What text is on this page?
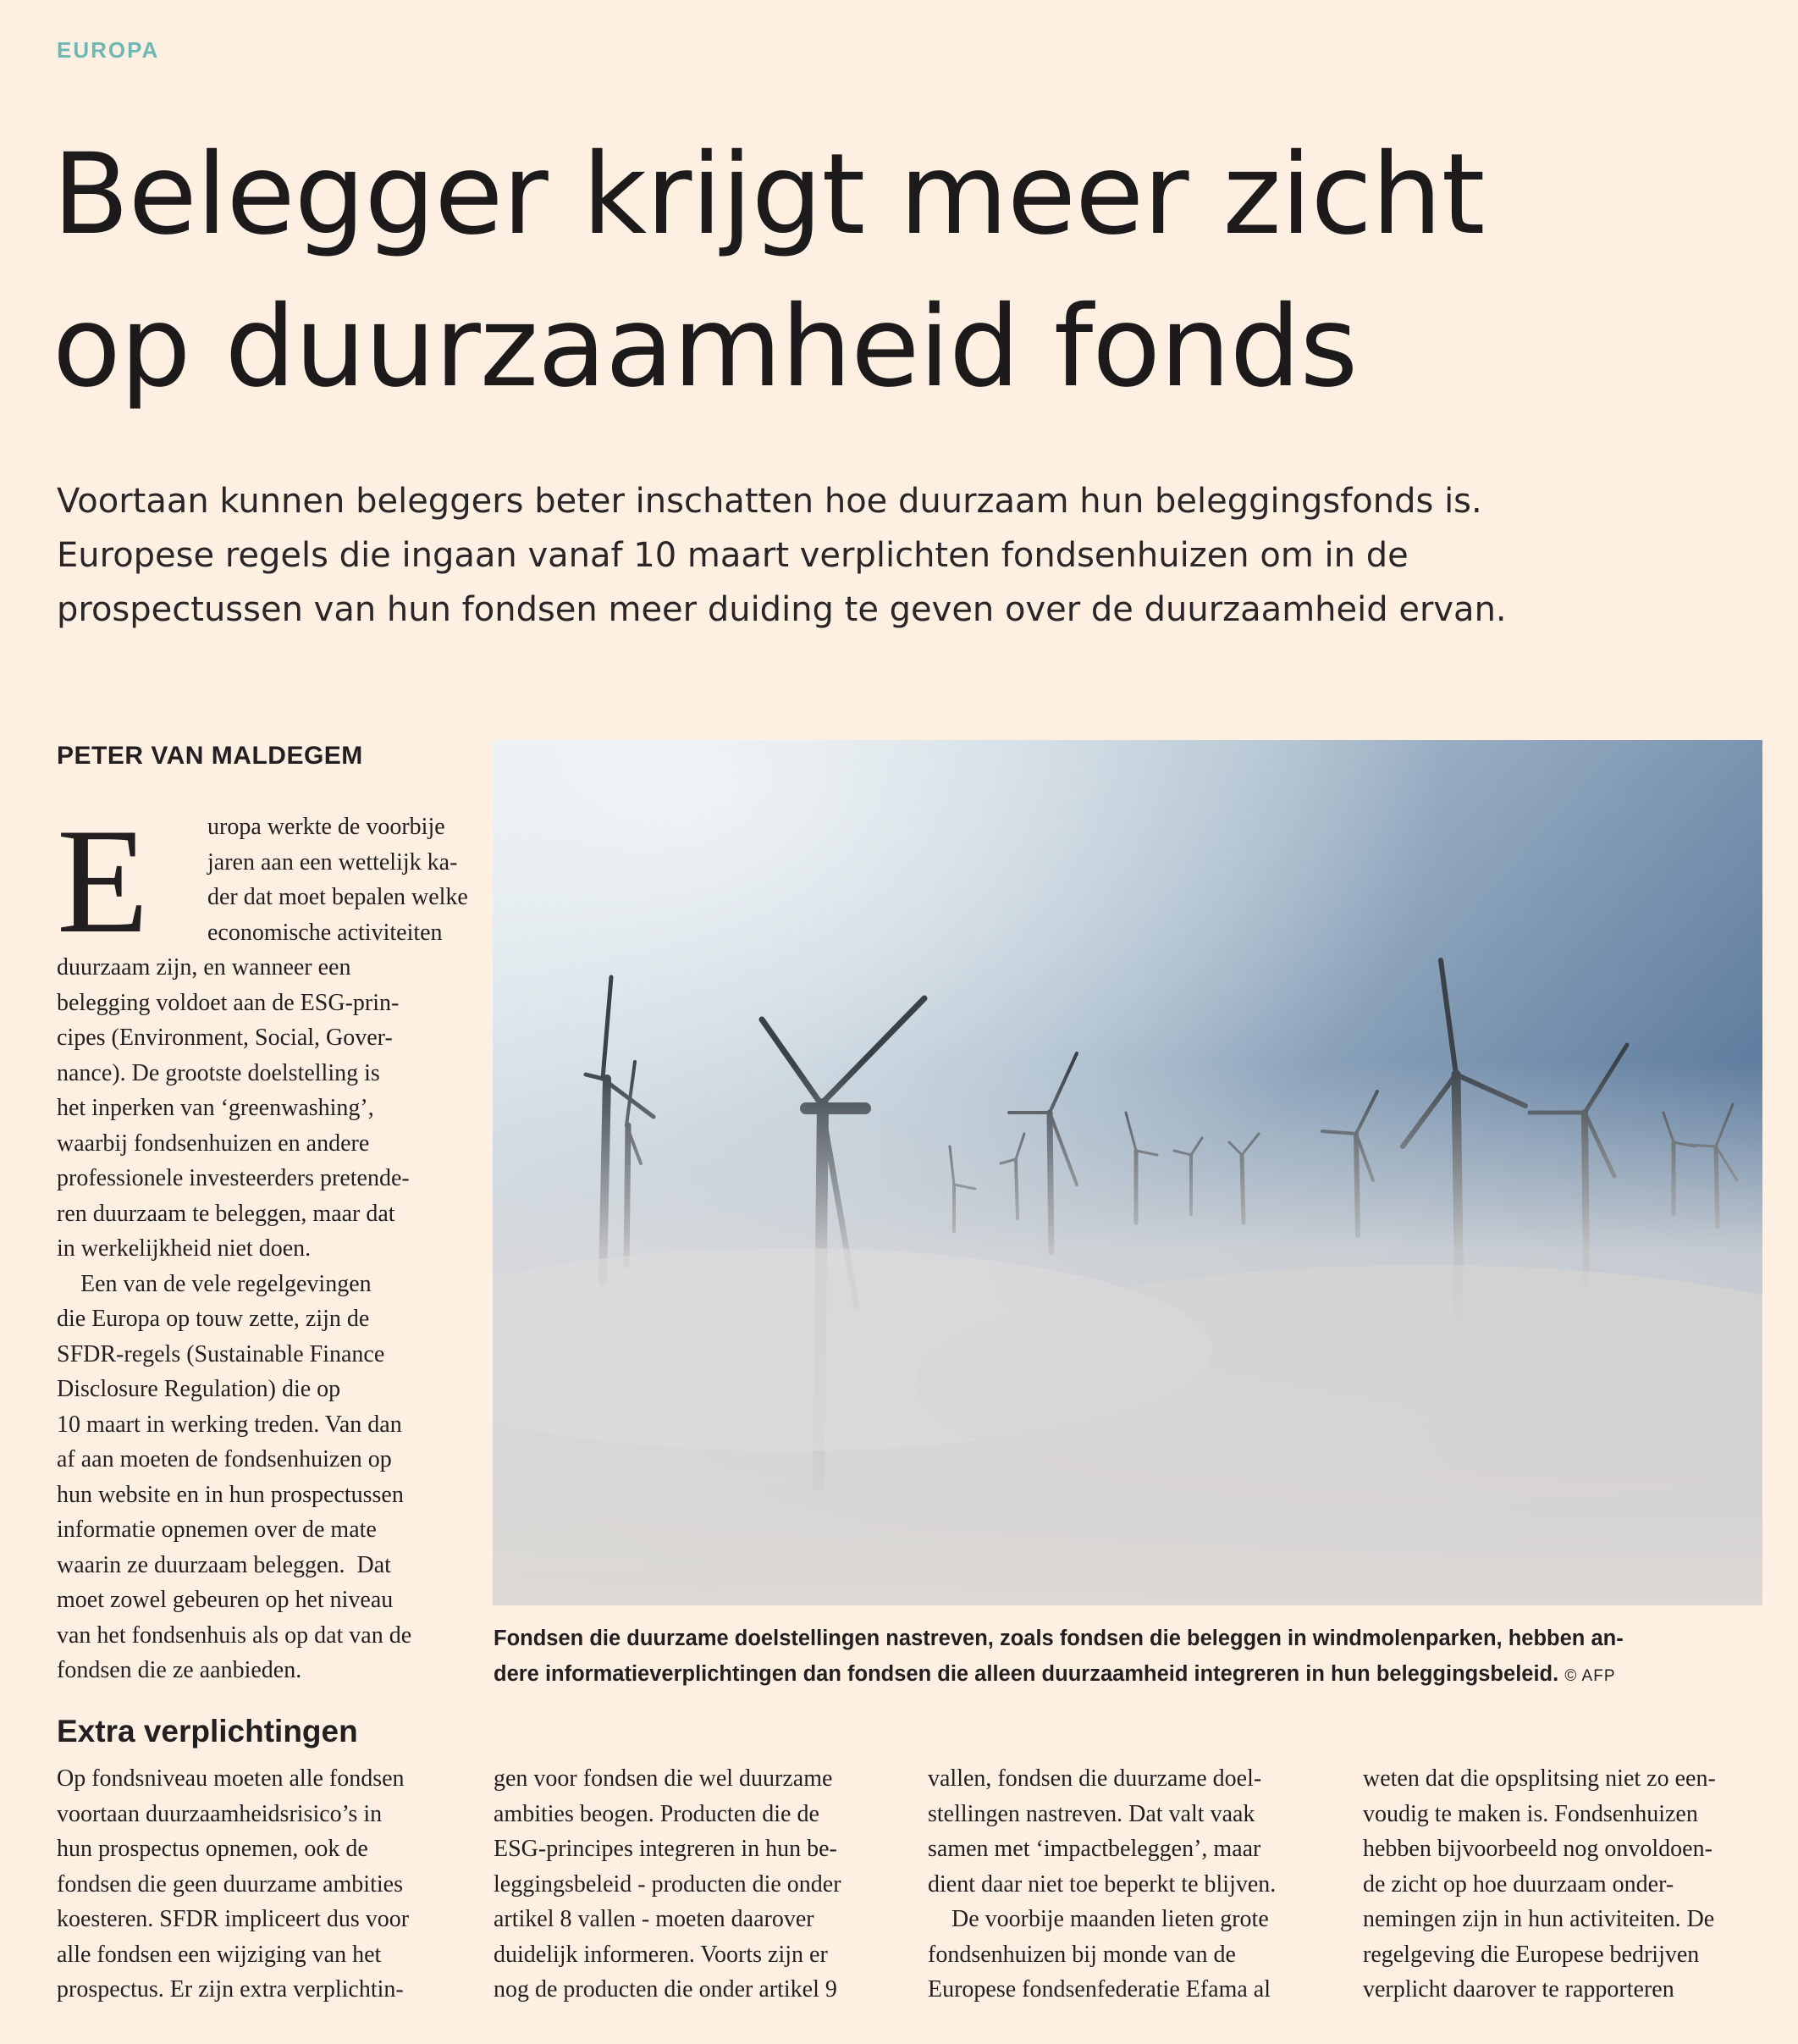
EUROPA
Belegger krijgt meer zicht
op duurzaamheid fonds
Voortaan kunnen beleggers beter inschatten hoe duurzaam hun beleggingsfonds is.
Europese regels die ingaan vanaf 10 maart verplichten fondsenhuizen om in de
prospectussen van hun fondsen meer duiding te geven over de duurzaamheid ervan.
PETER VAN MALDEGEM
E	uropa werkte de voorbije
jaren aan een wettelijk ka-
der dat moet bepalen welke
economische activiteiten
duurzaam zijn, en wanneer een
belegging voldoet aan de ESG-prin-
cipes (Environment, Social, Gover-
nance). De grootste doelstelling is
het inperken van ‘greenwashing’,
waarbij fondsenhuizen en andere
professionele investeerders pretende-
ren duurzaam te beleggen, maar dat
in werkelijkheid niet doen.
Een van de vele regelgevingen
die Europa op touw zette, zijn de
SFDR-regels (Sustainable Finance
Disclosure Regulation) die op
10 maart in werking treden. Van dan
af aan moeten de fondsenhuizen op
hun website en in hun prospectussen
informatie opnemen over de mate
waarin ze duurzaam beleggen.  Dat
moet zowel gebeuren op het niveau
van het fondsenhuis als op dat van de
fondsen die ze aanbieden.
Extra verplichtingen
Op fondsniveau moeten alle fondsen
voortaan duurzaamheidsrisico’s in
hun prospectus opnemen, ook de
fondsen die geen duurzame ambities
koesteren. SFDR impliceert dus voor
alle fondsen een wijziging van het
prospectus. Er zijn extra verplichtin-
gen voor fondsen die wel duurzame
ambities beogen. Producten die de
ESG-principes integreren in hun be-
leggingsbeleid - producten die onder
artikel 8 vallen - moeten daarover
duidelijk informeren. Voorts zijn er
nog de producten die onder artikel 9
vallen, fondsen die duurzame doel-
stellingen nastreven. Dat valt vaak
samen met ‘impactbeleggen’, maar
dient daar niet toe beperkt te blijven.
De voorbije maanden lieten grote
fondsenhuizen bij monde van de
Europese fondsenfederatie Efama al
weten dat die opsplitsing niet zo een-
voudig te maken is. Fondsenhuizen
hebben bijvoorbeeld nog onvoldoen-
de zicht op hoe duurzaam onder-
nemingen zijn in hun activiteiten. De
regelgeving die Europese bedrijven
verplicht daarover te rapporteren
Fondsen die duurzame doelstellingen nastreven, zoals fondsen die beleggen in windmolenparken, hebben an-
dere informatieverplichtingen dan fondsen die alleen duurzaamheid integreren in hun beleggingsbeleid. © AFP
